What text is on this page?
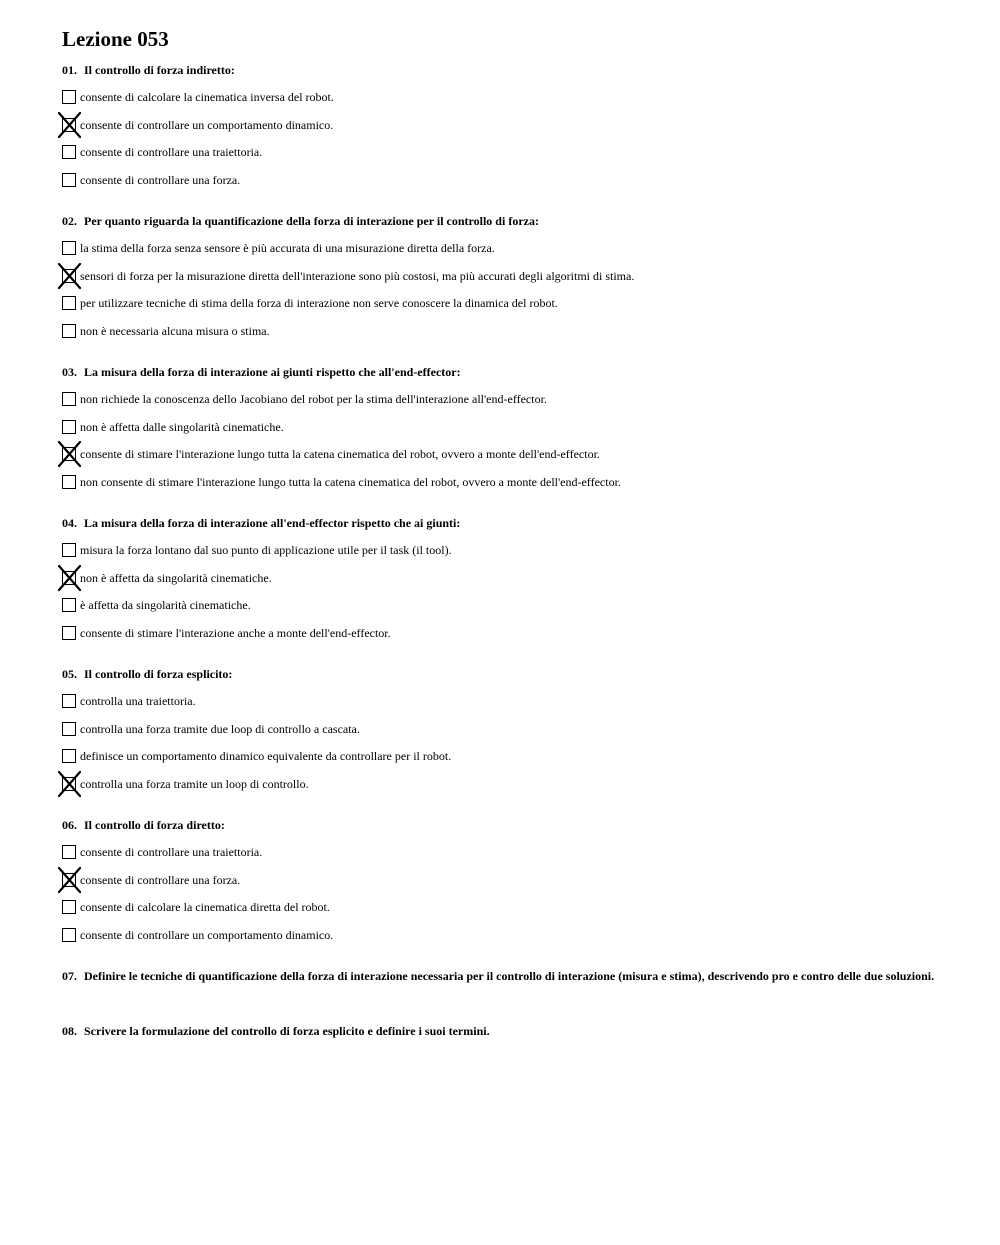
Lezione 053

01. Il controllo di forza indiretto:

consente di calcolare la cinematica inversa del robot.
consente di controllare un comportamento dinamico.
consente di controllare una traiettoria.
consente di controllare una forza.

02. Per quanto riguarda la quantificazione della forza di interazione per il controllo di forza:

la stima della forza senza sensore è più accurata di una misurazione diretta della forza.
sensori di forza per la misurazione diretta dell'interazione sono più costosi, ma più accurati degli algoritmi di stima.
per utilizzare tecniche di stima della forza di interazione non serve conoscere la dinamica del robot.
non è necessaria alcuna misura o stima.

03. La misura della forza di interazione ai giunti rispetto che all'end-effector:

non richiede la conoscenza dello Jacobiano del robot per la stima dell'interazione all'end-effector.
non è affetta dalle singolarità cinematiche.
consente di stimare l'interazione lungo tutta la catena cinematica del robot, ovvero a monte dell'end-effector.
non consente di stimare l'interazione lungo tutta la catena cinematica del robot, ovvero a monte dell'end-effector.

04. La misura della forza di interazione all'end-effector rispetto che ai giunti:

misura la forza lontano dal suo punto di applicazione utile per il task (il tool).
non è affetta da singolarità cinematiche.
è affetta da singolarità cinematiche.
consente di stimare l'interazione anche a monte dell'end-effector.

05. Il controllo di forza esplicito:

controlla una traiettoria.
controlla una forza tramite due loop di controllo a cascata.
definisce un comportamento dinamico equivalente da controllare per il robot.
controlla una forza tramite un loop di controllo.

06. Il controllo di forza diretto:

consente di controllare una traiettoria.
consente di controllare una forza.
consente di calcolare la cinematica diretta del robot.
consente di controllare un comportamento dinamico.

07. Definire le tecniche di quantificazione della forza di interazione necessaria per il controllo di interazione (misura e stima), descrivendo pro e contro delle due soluzioni.

08. Scrivere la formulazione del controllo di forza esplicito e definire i suoi termini.
